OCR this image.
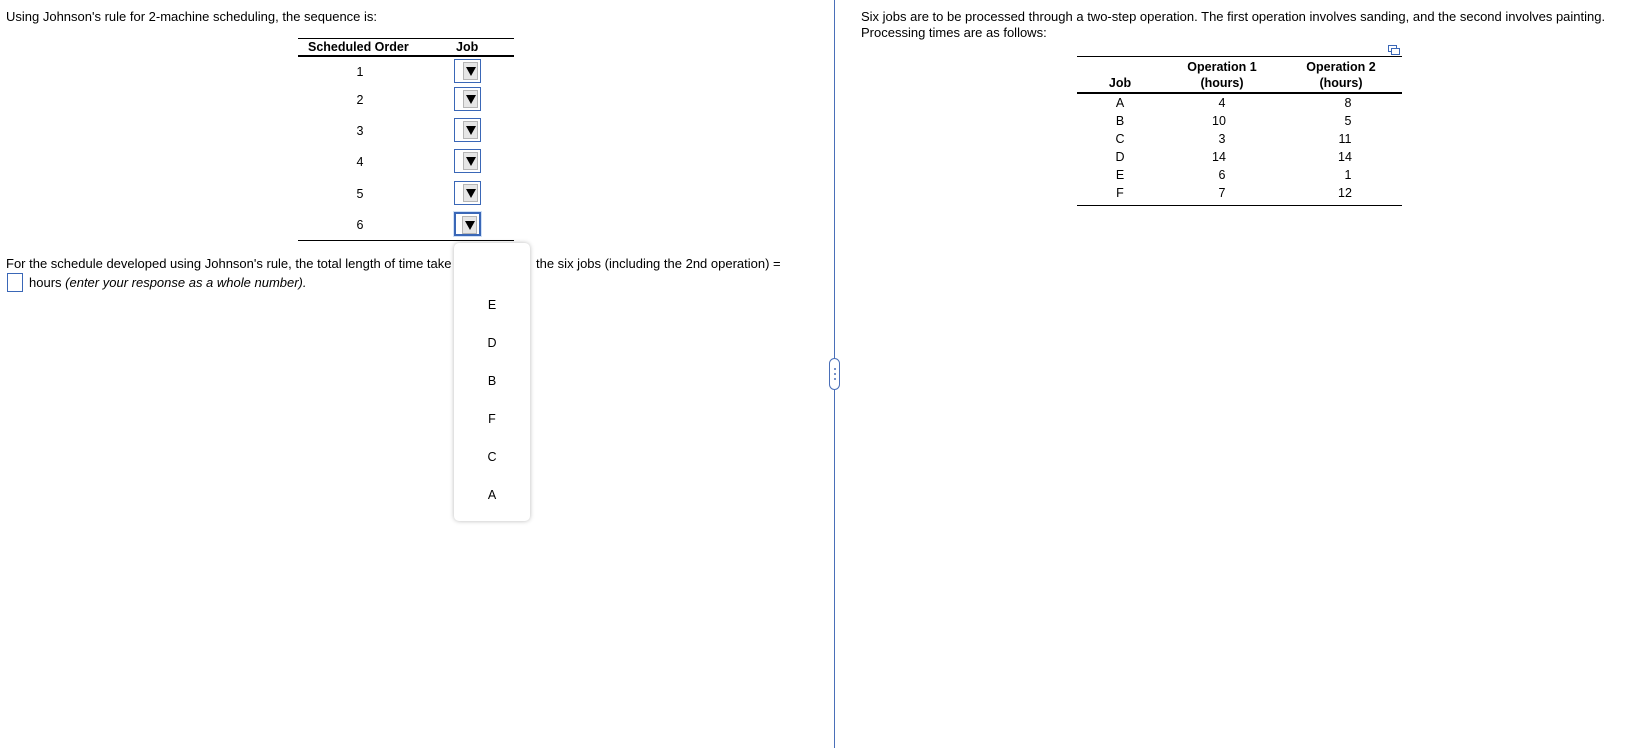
Using Johnson's rule for 2-machine scheduling, the sequence is:
Scheduled Order	Job
1
2
3
4
5
6
For the schedule developed using Johnson's rule, the total length of time take	the six jobs (including the 2nd operation) =
hours (enter your response as a whole number).
E
D
B
F
C
A
Six jobs are to be processed through a two-step operation. The first operation involves sanding, and the second involves painting.
Processing times are as follows:
Job
Operation 1
(hours)
Operation 2
(hours)
A	4	8
B	10	5
C	3	11
D	14	14
E	6	1
F	7	12
